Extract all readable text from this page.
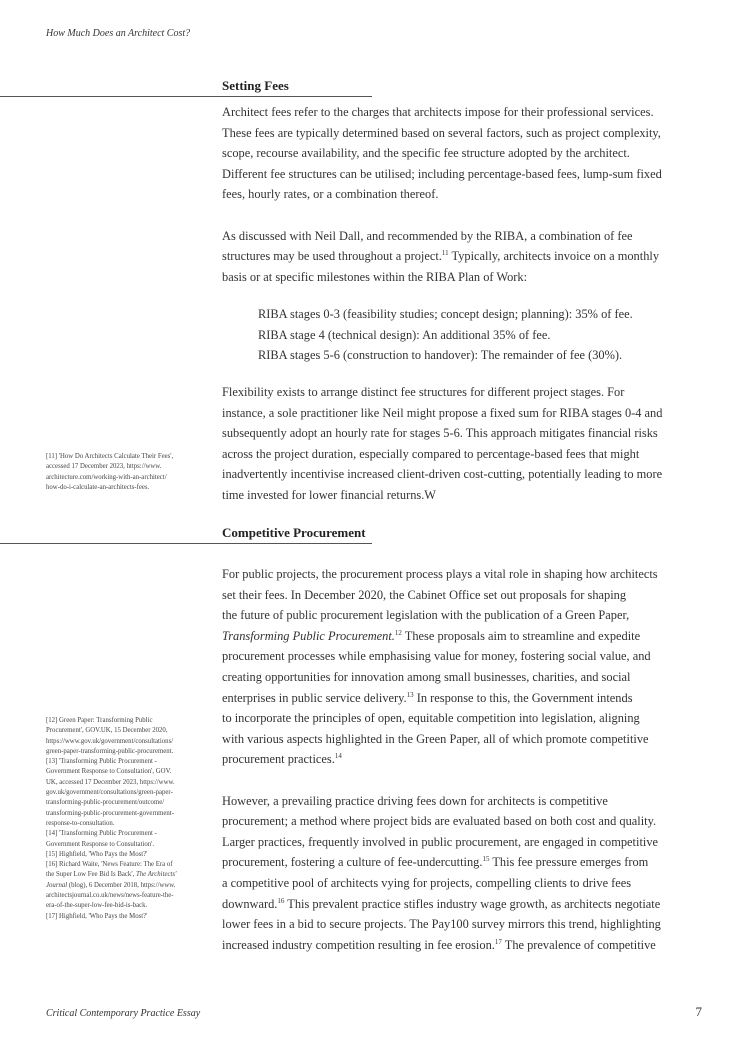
How Much Does an Architect Cost?
Setting Fees

Architect fees refer to the charges that architects impose for their professional services.
These fees are typically determined based on several factors, such as project complexity,
scope, recourse availability, and the specific fee structure adopted by the architect.
Different fee structures can be utilised; including percentage-based fees, lump-sum fixed
fees, hourly rates, or a combination thereof.

As discussed with Neil Dall, and recommended by the RIBA, a combination of fee
structures may be used throughout a project.$^{11}$ Typically, architects invoice on a monthly
basis or at specific milestones within the RIBA Plan of Work:

RIBA stages 0-3 (feasibility studies; concept design; planning): 35% of fee.
RIBA stage 4 (technical design): An additional 35% of fee.
RIBA stages 5-6 (construction to handover): The remainder of fee (30%).

Flexibility exists to arrange distinct fee structures for different project stages. For
instance, a sole practitioner like Neil might propose a fixed sum for RIBA stages 0-4 and
subsequently adopt an hourly rate for stages 5-6. This approach mitigates financial risks
across the project duration, especially compared to percentage-based fees that might
inadvertently incentivise increased client-driven cost-cutting, potentially leading to more
time invested for lower financial returns.W

[11] 'How Do Architects Calculate Their Fees',
accessed 17 December 2023, https://www.
architecture.com/working-with-an-architect/
how-do-i-calculate-an-architects-fees.
Competitive Procurement

For public projects, the procurement process plays a vital role in shaping how architects
set their fees. In December 2020, the Cabinet Office set out proposals for shaping
the future of public procurement legislation with the publication of a Green Paper,
Transforming Public Procurement.$^{12}$ These proposals aim to streamline and expedite
procurement processes while emphasising value for money, fostering social value, and
creating opportunities for innovation among small businesses, charities, and social
enterprises in public service delivery.$^{13}$ In response to this, the Government intends
to incorporate the principles of open, equitable competition into legislation, aligning
with various aspects highlighted in the Green Paper, all of which promote competitive
procurement practices.$^{14}$

However, a prevailing practice driving fees down for architects is competitive
procurement; a method where project bids are evaluated based on both cost and quality.
Larger practices, frequently involved in public procurement, are engaged in competitive
procurement, fostering a culture of fee-undercutting.$^{15}$ This fee pressure emerges from
a competitive pool of architects vying for projects, compelling clients to drive fees
downward.$^{16}$ This prevalent practice stifles industry wage growth, as architects negotiate
lower fees in a bid to secure projects. The Pay100 survey mirrors this trend, highlighting
increased industry competition resulting in fee erosion.$^{17}$ The prevalence of competitive

[12] Green Paper: Transforming Public
Procurement', GOV.UK, 15 December 2020,
https://www.gov.uk/government/consultations/
green-paper-transforming-public-procurement.
[13] 'Transforming Public Procurement -
Government Response to Consultation', GOV.
UK, accessed 17 December 2023, https://www.
gov.uk/government/consultations/green-paper-
transforming-public-procurement/outcome/
transforming-public-procurement-government-
response-to-consultation.
[14] 'Transforming Public Procurement -
Government Response to Consultation'.
[15] Highfield, 'Who Pays the Most?'
[16] Richard Waite, 'News Feature: The Era of
the Super Low Fee Bid Is Back', The Architects'
Journal (blog), 6 December 2018, https://www.
architectsjournal.co.uk/news/news-feature-the-
era-of-the-super-low-fee-bid-is-back.
[17] Highfield, 'Who Pays the Most?'
Critical Contemporary Practice Essay	7
